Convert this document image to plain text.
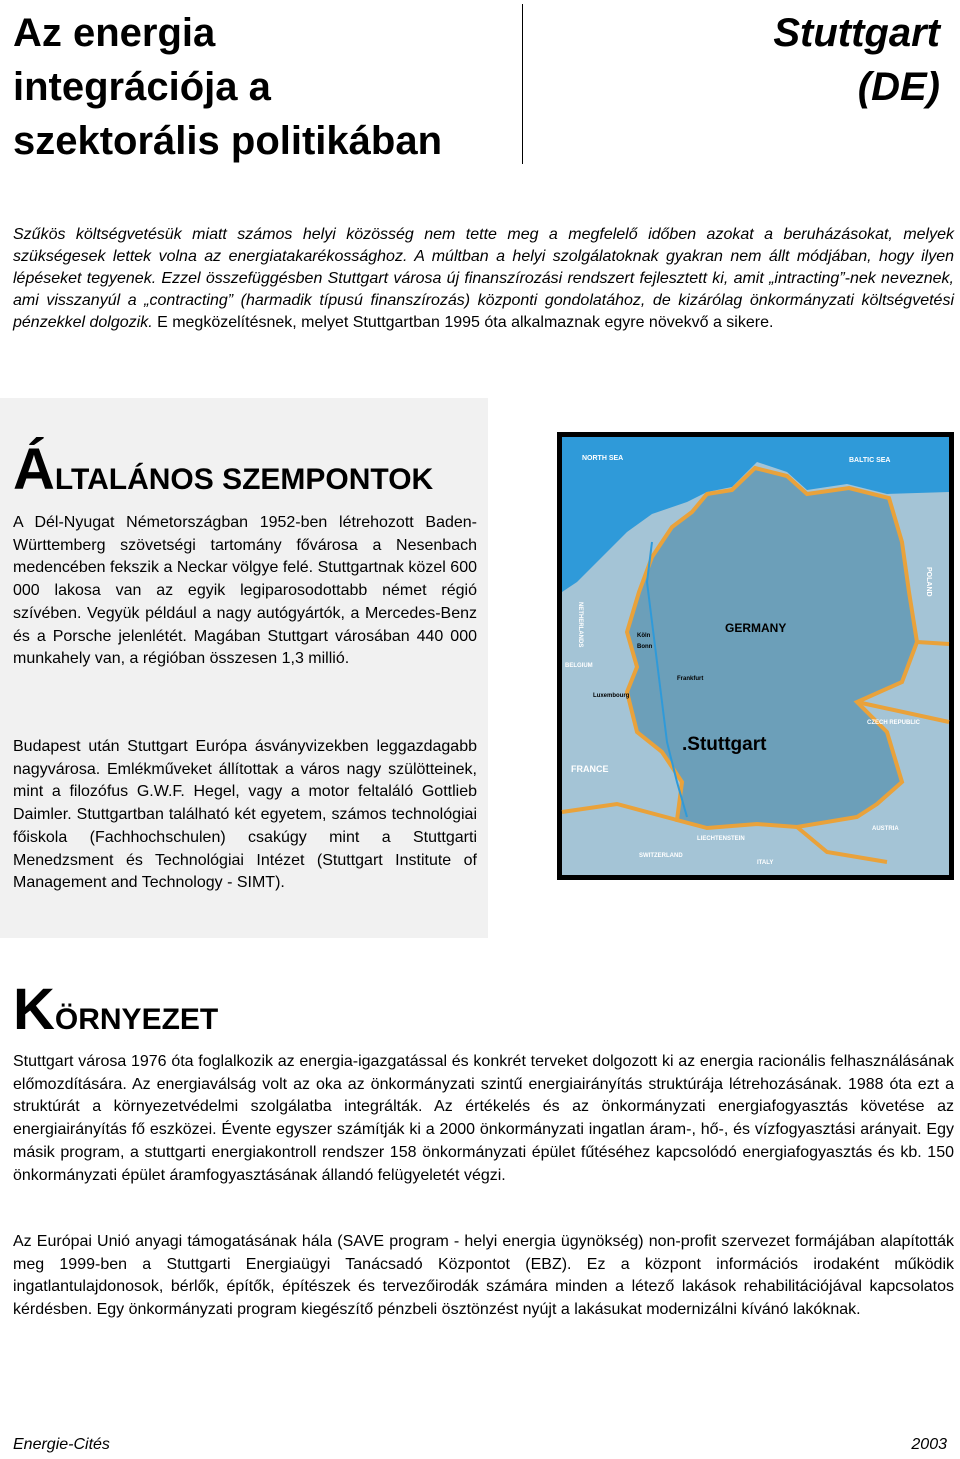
Az energia
integrációja a
szektorális politikában
Stuttgart
(DE)
Szűkös költségvetésük miatt számos helyi közösség nem tette meg a megfelelő időben azokat a beruházásokat, melyek szükségesek lettek volna az energiatakarékossághoz. A múltban a helyi szolgálatoknak gyakran nem állt módjában, hogy ilyen lépéseket tegyenek. Ezzel összefüggésben Stuttgart városa új finanszírozási rendszert fejlesztett ki, amit „intracting”-nek neveznek, ami visszanyúl a „contracting” (harmadik típusú finanszírozás) központi gondolatához, de kizárólag önkormányzati költségvetési pénzekkel dolgozik. E megközelítésnek, melyet Stuttgartban 1995 óta alkalmaznak egyre növekvő a sikere.
ÁLTALÁNOS SZEMPONTOK
A Dél-Nyugat Németországban 1952-ben létrehozott Baden-Württemberg szövetségi tartomány fővárosa a Nesenbach medencében fekszik a Neckar völgye felé. Stuttgartnak közel 600 000 lakosa van az egyik legiparosodottabb német régió szívében. Vegyük például a nagy autógyártók, a Mercedes-Benz és a Porsche jelenlétét. Magában Stuttgart városában 440 000 munkahely van, a régióban összesen 1,3 millió.
Budapest után Stuttgart Európa ásványvizekben leggazdagabb nagyvárosa. Emlékműveket állítottak a város nagy szülötteinek, mint a filozófus G.W.F. Hegel, vagy a motor feltaláló Gottlieb Daimler. Stuttgartban található két egyetem, számos technológiai főiskola (Fachhochschulen) csakúgy mint a Stuttgarti Menedzsment és Technológiai Intézet (Stuttgart Institute of Management and Technology - SIMT).
NORTH SEA	BALTIC SEA
GERMANY
.Stuttgart
Köln
Bonn
Frankfurt
Luxembourg
BELGIUM
FRANCE
CZECH REPUBLIC
AUSTRIA
SWITZERLAND
LIECHTENSTEIN
ITALY
POLAND
NETHERLANDS
KÖRNYEZET
Stuttgart városa 1976 óta foglalkozik az energia-igazgatással és konkrét terveket dolgozott ki az energia racionális felhasználásának előmozdítására. Az energiaválság volt az oka az önkormányzati szintű energiairányítás struktúrája létrehozásának. 1988 óta ezt a struktúrát a környezetvédelmi szolgálatba integrálták. Az értékelés és az önkormányzati energiafogyasztás követése az energiairányítás fő eszközei. Évente egyszer számítják ki a 2000 önkormányzati ingatlan áram-, hő-, és vízfogyasztási arányait. Egy másik program, a stuttgarti energiakontroll rendszer 158 önkormányzati épület fűtéséhez kapcsolódó energiafogyasztás és kb. 150 önkormányzati épület áramfogyasztásának állandó felügyeletét végzi.
Az Európai Unió anyagi támogatásának hála (SAVE program - helyi energia ügynökség) non-profit szervezet formájában alapították meg 1999-ben a Stuttgarti Energiaügyi Tanácsadó Központot (EBZ). Ez a központ információs irodaként működik ingatlantulajdonosok, bérlők, építők, építészek és tervezőirodák számára minden a létező lakások rehabilitációjával kapcsolatos kérdésben. Egy önkormányzati program kiegészítő pénzbeli ösztönzést nyújt a lakásukat modernizálni kívánó lakóknak.
Energie-Cités	2003
